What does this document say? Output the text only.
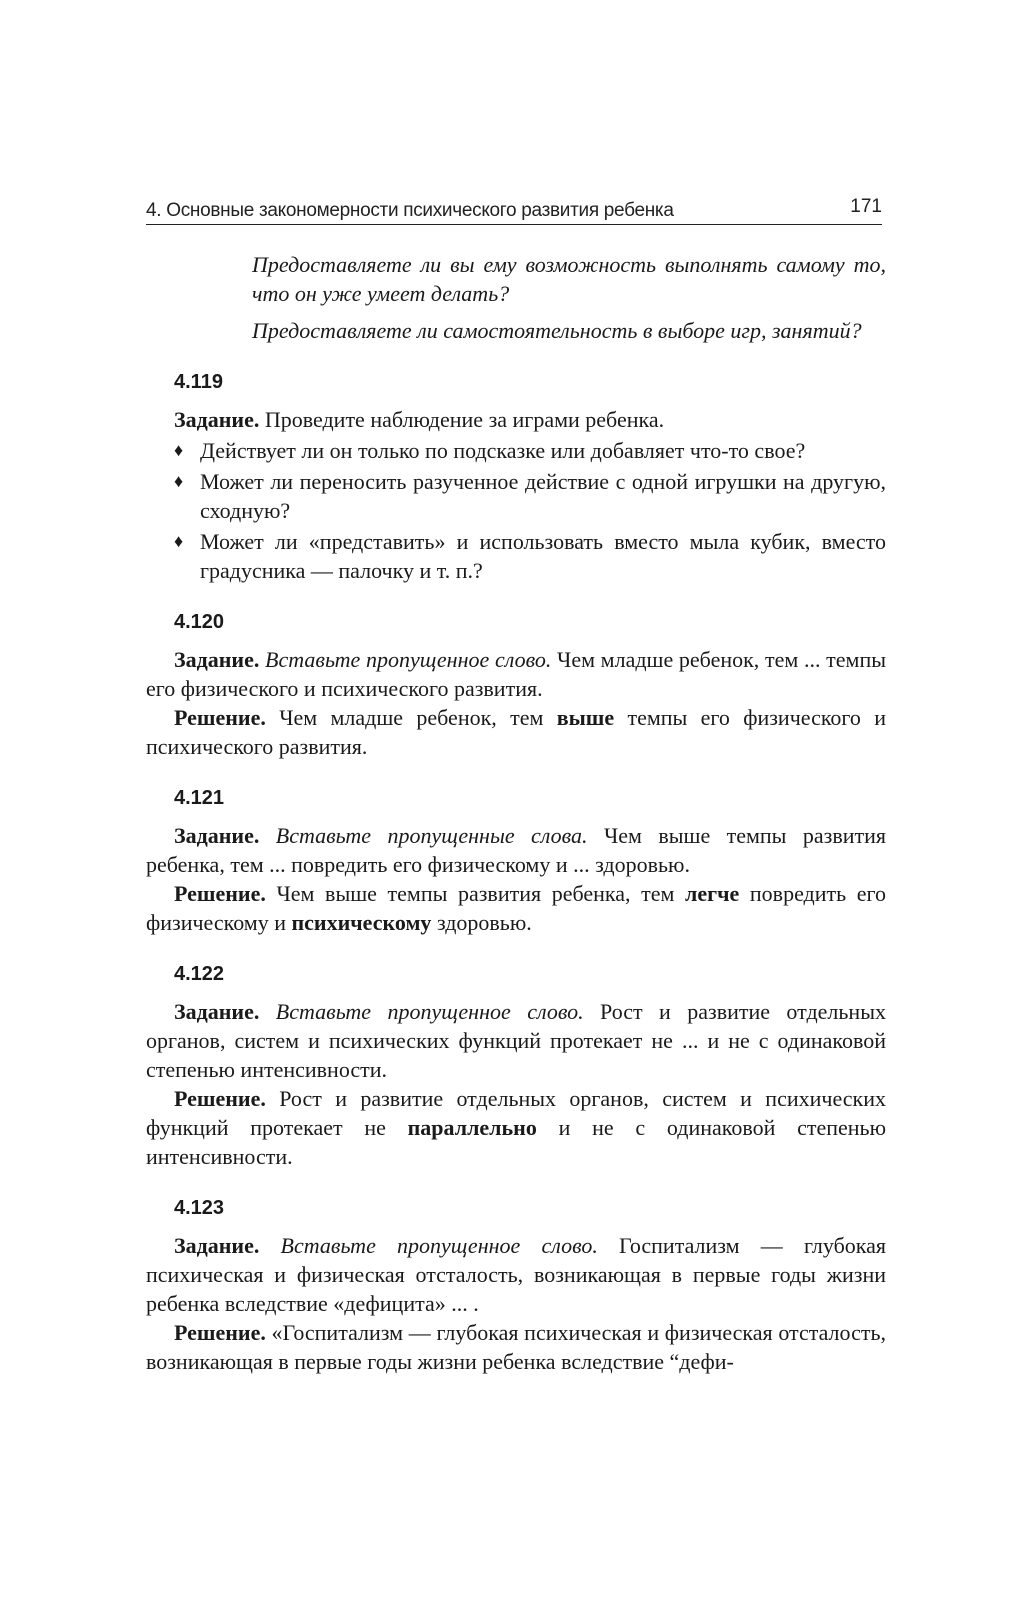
4. Основные закономерности психического развития ребенка	171

Предоставляете ли вы ему возможность выполнять самому то, что он уже умеет делать?

Предоставляете ли самостоятельность в выборе игр, занятий?

4.119

Задание. Проведите наблюдение за играми ребенка.

♦ Действует ли он только по подсказке или добавляет что-то свое?
♦ Может ли переносить разученное действие с одной игрушки на другую, сходную?
♦ Может ли «представить» и использовать вместо мыла кубик, вместо градусника — палочку и т. п.?
4.120

Задание. Вставьте пропущенное слово. Чем младше ребенок, тем ... темпы его физического и психического развития.

Решение. Чем младше ребенок, тем выше темпы его физического и психического развития.

4.121

Задание. Вставьте пропущенные слова. Чем выше темпы развития ребенка, тем ... повредить его физическому и ... здоровью.

Решение. Чем выше темпы развития ребенка, тем легче повредить его физическому и психическому здоровью.

4.122

Задание. Вставьте пропущенное слово. Рост и развитие отдельных органов, систем и психических функций протекает не ... и не с одинаковой степенью интенсивности.

Решение. Рост и развитие отдельных органов, систем и психических функций протекает не параллельно и не с одинаковой степенью интенсивности.

4.123

Задание. Вставьте пропущенное слово. Госпитализм — глубокая психическая и физическая отсталость, возникающая в первые годы жизни ребенка вследствие «дефицита» ... .

Решение. «Госпитализм — глубокая психическая и физическая отсталость, возникающая в первые годы жизни ребенка вследствие “дефи-
